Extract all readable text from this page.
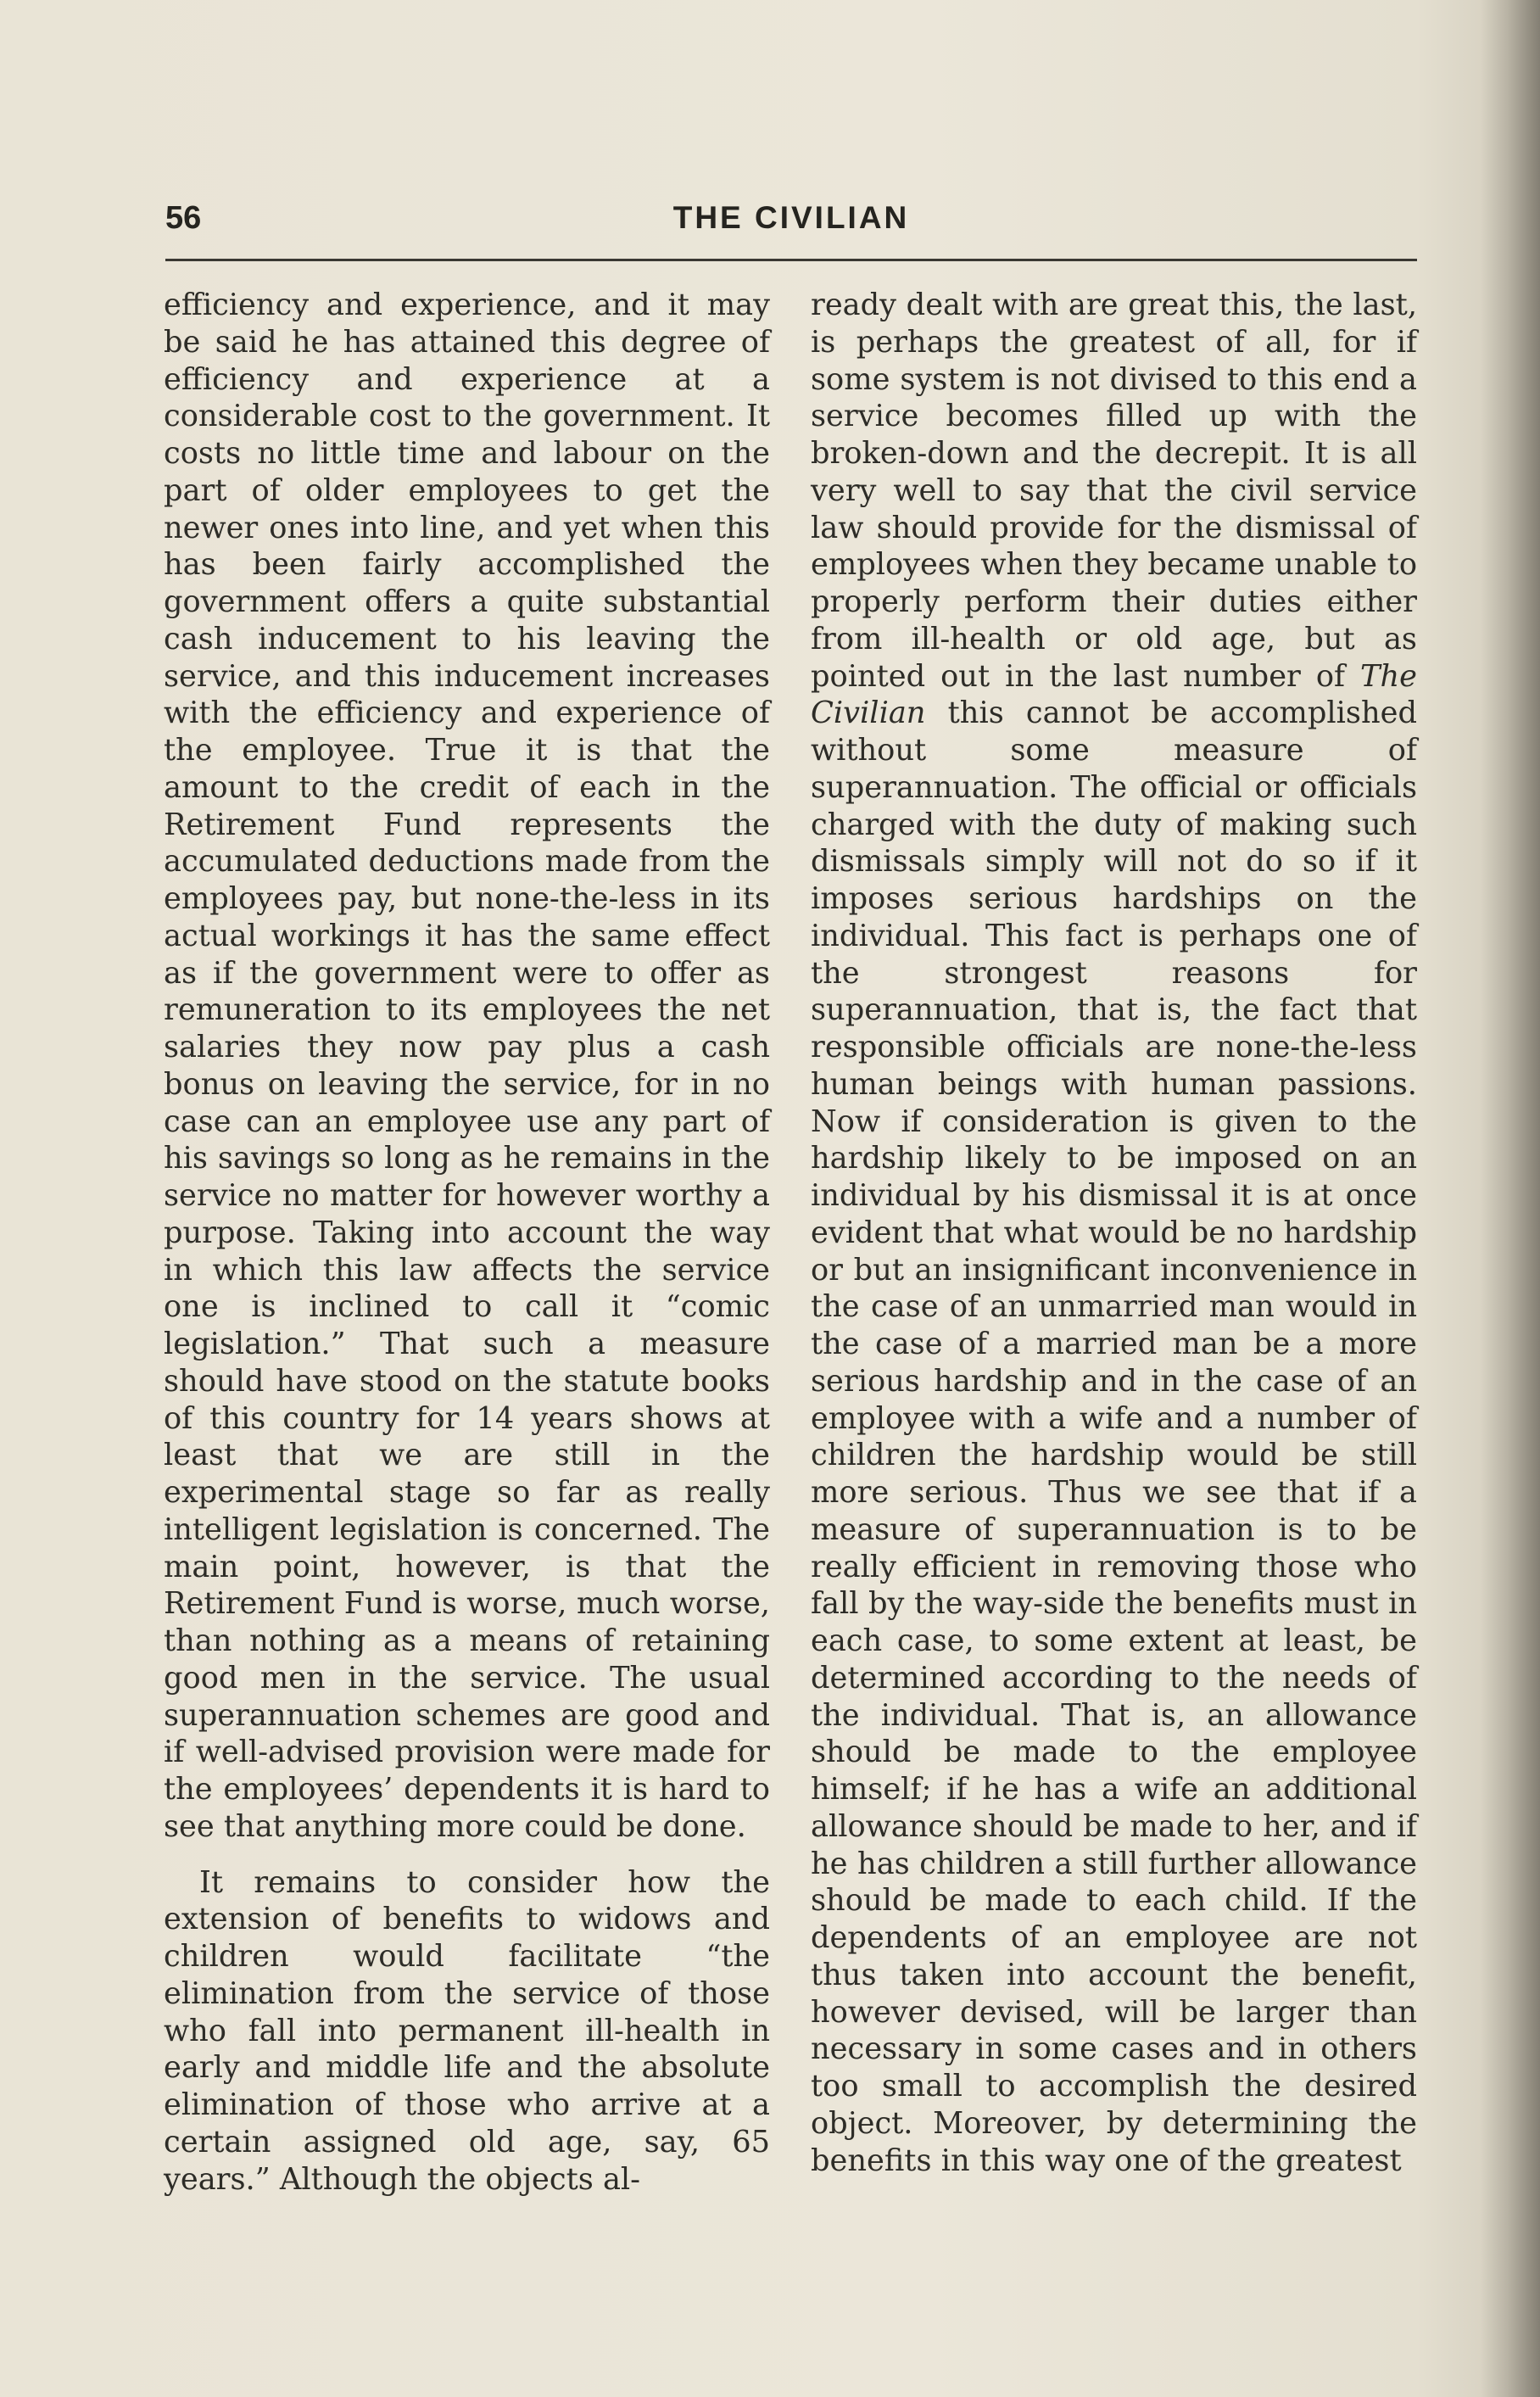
56	THE CIVILIAN

efficiency and experience, and it may be said he has attained this degree of efficiency and experience at a considerable cost to the government. It costs no little time and labour on the part of older employees to get the newer ones into line, and yet when this has been fairly accomplished the government offers a quite substantial cash inducement to his leaving the service, and this inducement increases with the efficiency and experience of the employee. True it is that the amount to the credit of each in the Retirement Fund represents the accumulated deductions made from the employees pay, but none-the-less in its actual workings it has the same effect as if the government were to offer as remuneration to its employees the net salaries they now pay plus a cash bonus on leaving the service, for in no case can an employee use any part of his savings so long as he remains in the service no matter for however worthy a purpose. Taking into account the way in which this law affects the service one is inclined to call it “comic legislation.” That such a measure should have stood on the statute books of this country for 14 years shows at least that we are still in the experimental stage so far as really intelligent legislation is concerned. The main point, however, is that the Retirement Fund is worse, much worse, than nothing as a means of retaining good men in the service. The usual superannuation schemes are good and if well-advised provision were made for the employees’ dependents it is hard to see that anything more could be done.

It remains to consider how the extension of benefits to widows and children would facilitate “the elimination from the service of those who fall into permanent ill-health in early and middle life and the absolute elimination of those who arrive at a certain assigned old age, say, 65 years.” Although the objects al-

ready dealt with are great this, the last, is perhaps the greatest of all, for if some system is not divised to this end a service becomes filled up with the broken-down and the decrepit. It is all very well to say that the civil service law should provide for the dismissal of employees when they became unable to properly perform their duties either from ill-health or old age, but as pointed out in the last number of The Civilian this cannot be accomplished without some measure of superannuation. The official or officials charged with the duty of making such dismissals simply will not do so if it imposes serious hardships on the individual. This fact is perhaps one of the strongest reasons for superannuation, that is, the fact that responsible officials are none-the-less human beings with human passions. Now if consideration is given to the hardship likely to be imposed on an individual by his dismissal it is at once evident that what would be no hardship or but an insignificant inconvenience in the case of an unmarried man would in the case of a married man be a more serious hardship and in the case of an employee with a wife and a number of children the hardship would be still more serious. Thus we see that if a measure of superannuation is to be really efficient in removing those who fall by the way-side the benefits must in each case, to some extent at least, be determined according to the needs of the individual. That is, an allowance should be made to the employee himself; if he has a wife an additional allowance should be made to her, and if he has children a still further allowance should be made to each child. If the dependents of an employee are not thus taken into account the benefit, however devised, will be larger than necessary in some cases and in others too small to accomplish the desired object. Moreover, by determining the benefits in this way one of the greatest
